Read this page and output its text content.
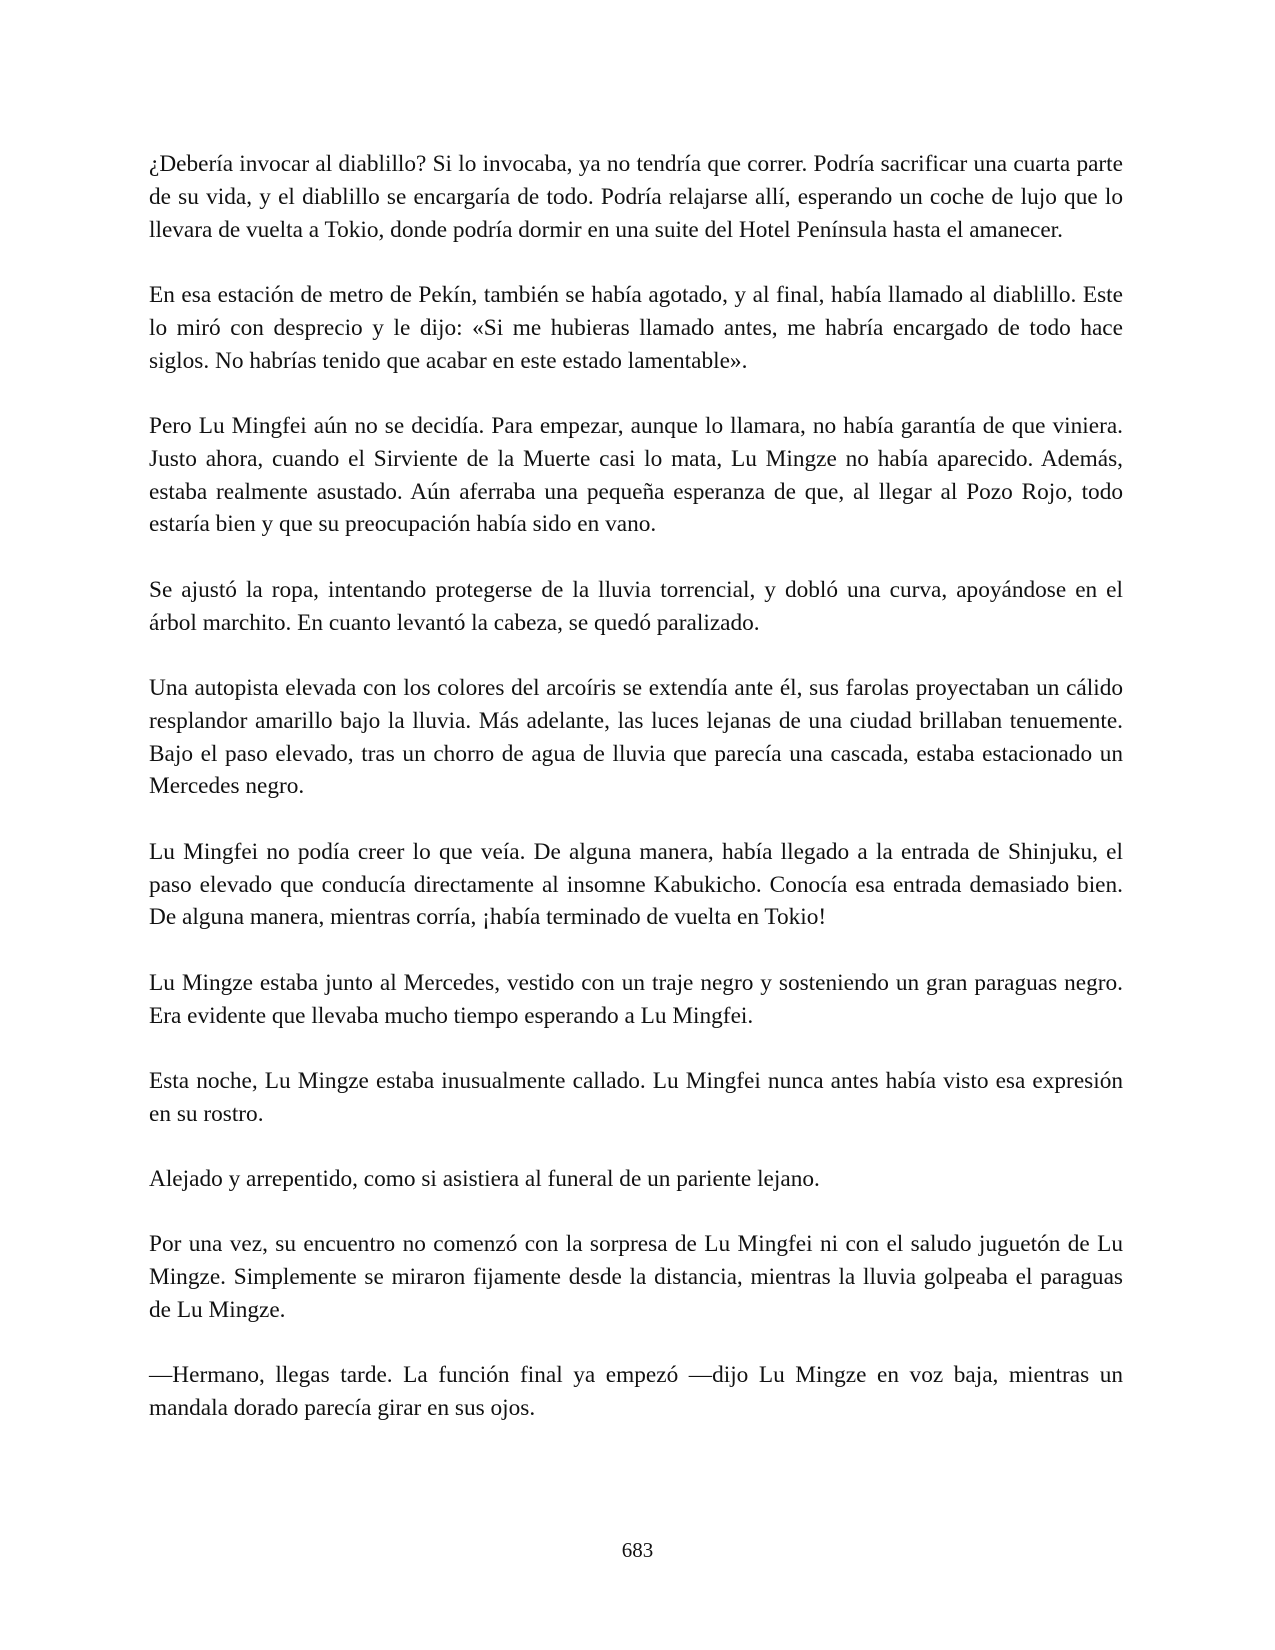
¿Debería invocar al diablillo? Si lo invocaba, ya no tendría que correr. Podría sacrificar una cuarta parte de su vida, y el diablillo se encargaría de todo. Podría relajarse allí, esperando un coche de lujo que lo llevara de vuelta a Tokio, donde podría dormir en una suite del Hotel Península hasta el amanecer.

En esa estación de metro de Pekín, también se había agotado, y al final, había llamado al diablillo. Este lo miró con desprecio y le dijo: «Si me hubieras llamado antes, me habría encargado de todo hace siglos. No habrías tenido que acabar en este estado lamentable».

Pero Lu Mingfei aún no se decidía. Para empezar, aunque lo llamara, no había garantía de que viniera. Justo ahora, cuando el Sirviente de la Muerte casi lo mata, Lu Mingze no había aparecido. Además, estaba realmente asustado. Aún aferraba una pequeña esperanza de que, al llegar al Pozo Rojo, todo estaría bien y que su preocupación había sido en vano.

Se ajustó la ropa, intentando protegerse de la lluvia torrencial, y dobló una curva, apoyándose en el árbol marchito. En cuanto levantó la cabeza, se quedó paralizado.

Una autopista elevada con los colores del arcoíris se extendía ante él, sus farolas proyectaban un cálido resplandor amarillo bajo la lluvia. Más adelante, las luces lejanas de una ciudad brillaban tenuemente. Bajo el paso elevado, tras un chorro de agua de lluvia que parecía una cascada, estaba estacionado un Mercedes negro.

Lu Mingfei no podía creer lo que veía. De alguna manera, había llegado a la entrada de Shinjuku, el paso elevado que conducía directamente al insomne Kabukicho. Conocía esa entrada demasiado bien. De alguna manera, mientras corría, ¡había terminado de vuelta en Tokio!

Lu Mingze estaba junto al Mercedes, vestido con un traje negro y sosteniendo un gran paraguas negro. Era evidente que llevaba mucho tiempo esperando a Lu Mingfei.

Esta noche, Lu Mingze estaba inusualmente callado. Lu Mingfei nunca antes había visto esa expresión en su rostro.

Alejado y arrepentido, como si asistiera al funeral de un pariente lejano.

Por una vez, su encuentro no comenzó con la sorpresa de Lu Mingfei ni con el saludo juguetón de Lu Mingze. Simplemente se miraron fijamente desde la distancia, mientras la lluvia golpeaba el paraguas de Lu Mingze.

—Hermano, llegas tarde. La función final ya empezó —dijo Lu Mingze en voz baja, mientras un mandala dorado parecía girar en sus ojos.

683
